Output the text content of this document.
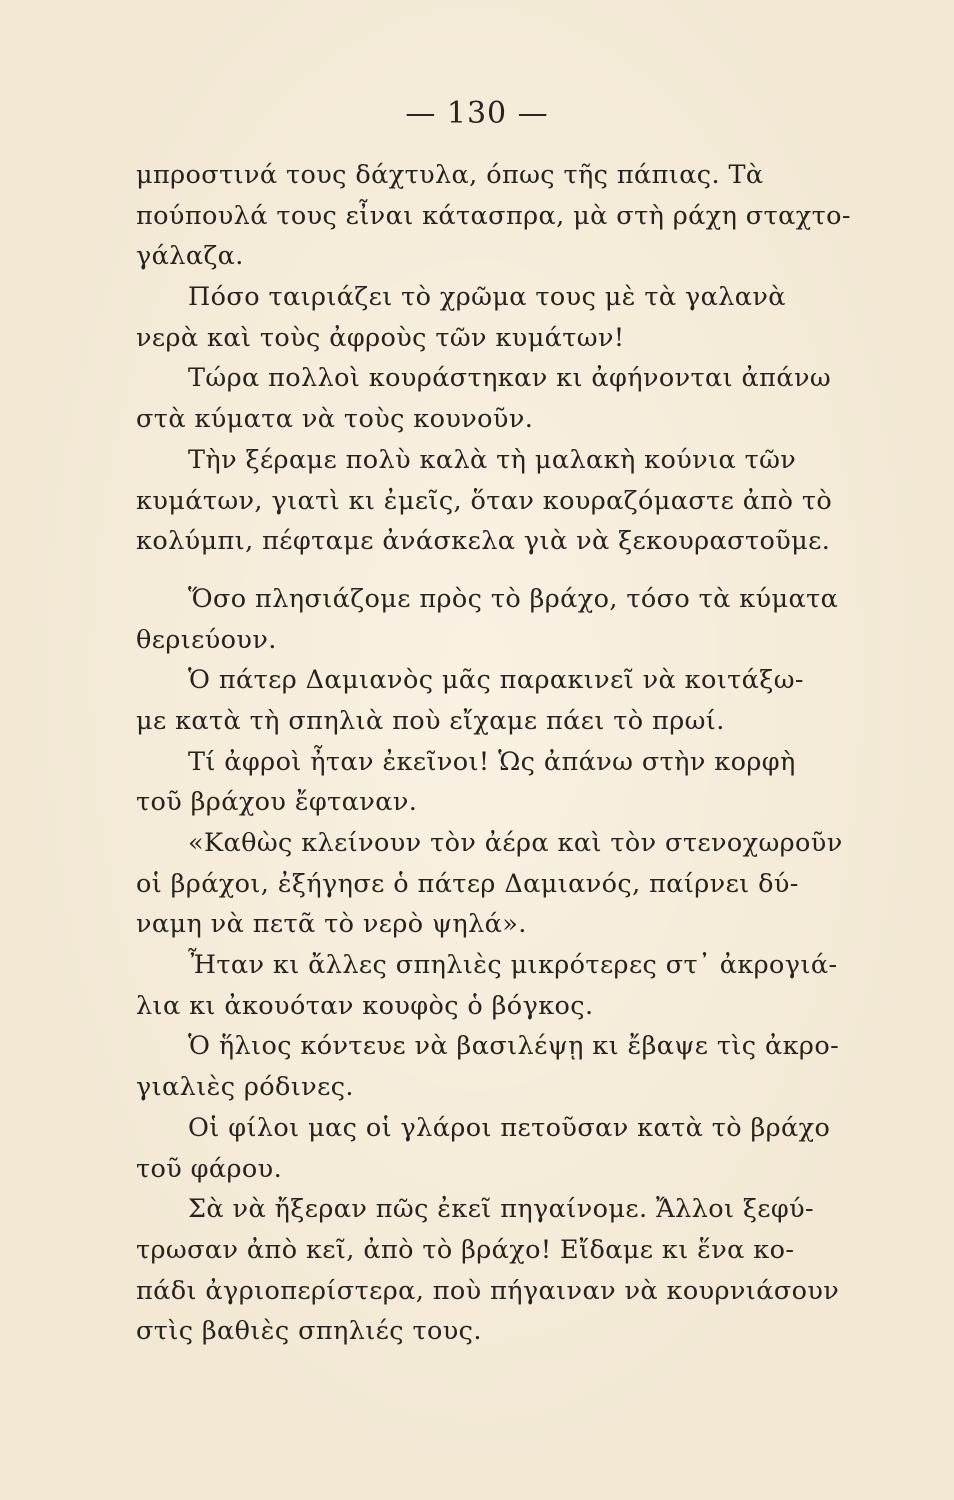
— 130 —
μπροστινά τους δάχτυλα, όπως τῆς πάπιας. Τὰ
πούπουλά τους εἶναι κάτασπρα, μὰ στὴ ράχη σταχτο-
γάλαζα.
Πόσο ταιριάζει τὸ χρῶμα τους μὲ τὰ γαλανὰ
νερὰ καὶ τοὺς ἀφροὺς τῶν κυμάτων!
Τώρα πολλοὶ κουράστηκαν κι ἀφήνονται ἀπάνω
στὰ κύματα νὰ τοὺς κουνοῦν.
Τὴν ξέραμε πολὺ καλὰ τὴ μαλακὴ κούνια τῶν
κυμάτων, γιατὶ κι ἐμεῖς, ὅταν κουραζόμαστε ἀπὸ τὸ
κολύμπι, πέφταμε ἀνάσκελα γιὰ νὰ ξεκουραστοῦμε.
Ὅσο πλησιάζομε πρὸς τὸ βράχο, τόσο τὰ κύματα
θεριεύουν.
Ὁ πάτερ Δαμιανὸς μᾶς παρακινεῖ νὰ κοιτάξω-
με κατὰ τὴ σπηλιὰ ποὺ εἴχαμε πάει τὸ πρωί.
Τί ἀφροὶ ἦταν ἐκεῖνοι! Ὡς ἀπάνω στὴν κορφὴ
τοῦ βράχου ἔφταναν.
«Καθὼς κλείνουν τὸν ἀέρα καὶ τὸν στενοχωροῦν
οἱ βράχοι, ἐξήγησε ὁ πάτερ Δαμιανός, παίρνει δύ-
ναμη νὰ πετᾶ τὸ νερὸ ψηλά».
Ἦταν κι ἄλλες σπηλιὲς μικρότερες στ᾽ ἀκρογιά-
λια κι ἀκουόταν κουφὸς ὁ βόγκος.
Ὁ ἥλιος κόντευε νὰ βασιλέψῃ κι ἔβαψε τὶς ἀκρο-
γιαλιὲς ρόδινες.
Οἱ φίλοι μας οἱ γλάροι πετοῦσαν κατὰ τὸ βράχο
τοῦ φάρου.
Σὰ νὰ ἤξεραν πῶς ἐκεῖ πηγαίνομε. Ἄλλοι ξεφύ-
τρωσαν ἀπὸ κεῖ, ἀπὸ τὸ βράχο! Εἴδαμε κι ἕνα κο-
πάδι ἀγριοπερίστερα, ποὺ πήγαιναν νὰ κουρνιάσουν
στὶς βαθιὲς σπηλιές τους.
